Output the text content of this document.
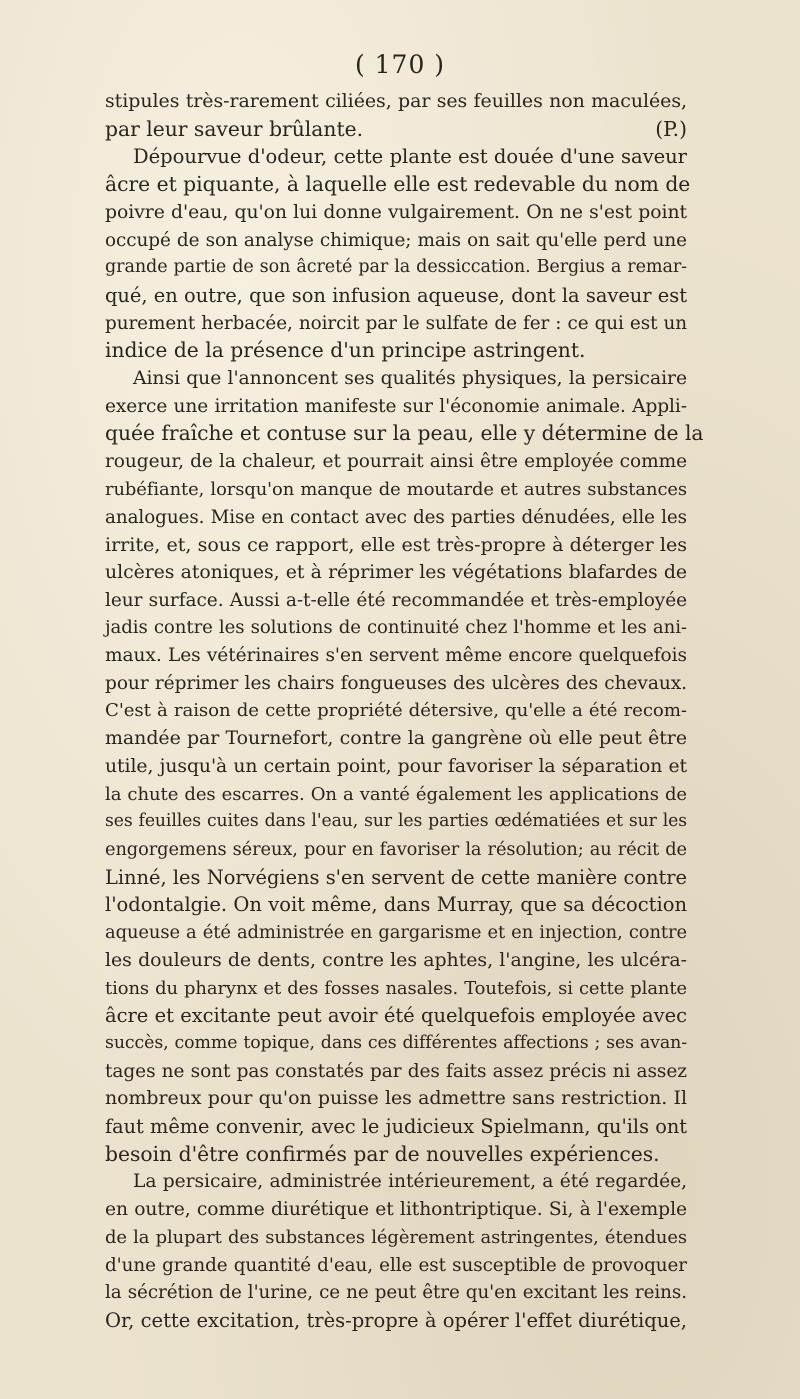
( 170 )

stipules très-rarement ciliées, par ses feuilles non maculées,
par leur saveur brûlante.	(P.)

Dépourvue d'odeur, cette plante est douée d'une saveur
âcre et piquante, à laquelle elle est redevable du nom de
poivre d'eau, qu'on lui donne vulgairement. On ne s'est point
occupé de son analyse chimique; mais on sait qu'elle perd une
grande partie de son âcreté par la dessiccation. Bergius a remar-
qué, en outre, que son infusion aqueuse, dont la saveur est
purement herbacée, noircit par le sulfate de fer : ce qui est un
indice de la présence d'un principe astringent.

Ainsi que l'annoncent ses qualités physiques, la persicaire
exerce une irritation manifeste sur l'économie animale. Appli-
quée fraîche et contuse sur la peau, elle y détermine de la
rougeur, de la chaleur, et pourrait ainsi être employée comme
rubéfiante, lorsqu'on manque de moutarde et autres substances
analogues. Mise en contact avec des parties dénudées, elle les
irrite, et, sous ce rapport, elle est très-propre à déterger les
ulcères atoniques, et à réprimer les végétations blafardes de
leur surface. Aussi a-t-elle été recommandée et très-employée
jadis contre les solutions de continuité chez l'homme et les ani-
maux. Les vétérinaires s'en servent même encore quelquefois
pour réprimer les chairs fongueuses des ulcères des chevaux.
C'est à raison de cette propriété détersive, qu'elle a été recom-
mandée par Tournefort, contre la gangrène où elle peut être
utile, jusqu'à un certain point, pour favoriser la séparation et
la chute des escarres. On a vanté également les applications de
ses feuilles cuites dans l'eau, sur les parties œdématiées et sur les
engorgemens séreux, pour en favoriser la résolution; au récit de
Linné, les Norvégiens s'en servent de cette manière contre
l'odontalgie. On voit même, dans Murray, que sa décoction
aqueuse a été administrée en gargarisme et en injection, contre
les douleurs de dents, contre les aphtes, l'angine, les ulcéra-
tions du pharynx et des fosses nasales. Toutefois, si cette plante
âcre et excitante peut avoir été quelquefois employée avec
succès, comme topique, dans ces différentes affections ; ses avan-
tages ne sont pas constatés par des faits assez précis ni assez
nombreux pour qu'on puisse les admettre sans restriction. Il
faut même convenir, avec le judicieux Spielmann, qu'ils ont
besoin d'être confirmés par de nouvelles expériences.

La persicaire, administrée intérieurement, a été regardée,
en outre, comme diurétique et lithontriptique. Si, à l'exemple
de la plupart des substances légèrement astringentes, étendues
d'une grande quantité d'eau, elle est susceptible de provoquer
la sécrétion de l'urine, ce ne peut être qu'en excitant les reins.
Or, cette excitation, très-propre à opérer l'effet diurétique,
